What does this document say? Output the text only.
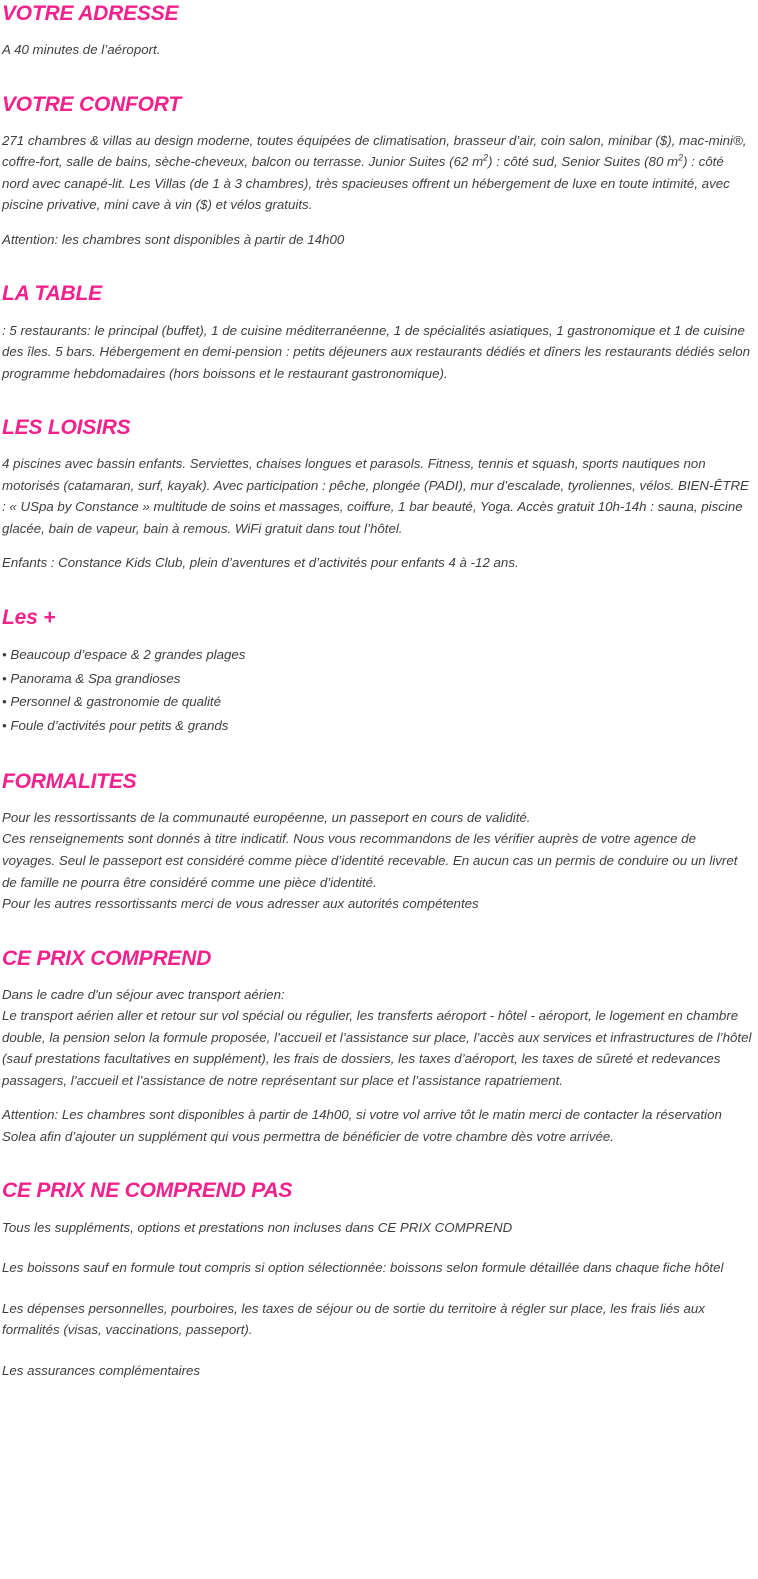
VOTRE ADRESSE

A 40 minutes de l’aéroport.

VOTRE CONFORT

271 chambres & villas au design moderne, toutes équipées de climatisation, brasseur d’air, coin salon, minibar ($), mac-mini®, coffre-fort, salle de bains, sèche-cheveux, balcon ou terrasse. Junior Suites (62 $m^2$) : côté sud, Senior Suites (80 $m^2$) : côté nord avec canapé-lit. Les Villas (de 1 à 3 chambres), très spacieuses offrent un hébergement de luxe en toute intimité, avec piscine privative, mini cave à vin ($) et vélos gratuits.

Attention: les chambres sont disponibles à partir de 14h00

LA TABLE

: 5 restaurants: le principal (buffet), 1 de cuisine méditerranéenne, 1 de spécialités asiatiques, 1 gastronomique et 1 de cuisine des îles. 5 bars. Hébergement en demi-pension : petits déjeuners aux restaurants dédiés et dîners les restaurants dédiés selon programme hebdomadaires (hors boissons et le restaurant gastronomique).

LES LOISIRS

4 piscines avec bassin enfants. Serviettes, chaises longues et parasols. Fitness, tennis et squash, sports nautiques non motorisés (catamaran, surf, kayak). Avec participation : pêche, plongée (PADI), mur d’escalade, tyroliennes, vélos. BIEN-ÊTRE : « USpa by Constance » multitude de soins et massages, coiffure, 1 bar beauté, Yoga. Accès gratuit 10h-14h : sauna, piscine glacée, bain de vapeur, bain à remous. WiFi gratuit dans tout l’hôtel.

Enfants : Constance Kids Club, plein d’aventures et d’activités pour enfants 4 à -12 ans.

Les +

• Beaucoup d’espace & 2 grandes plages

• Panorama & Spa grandioses

• Personnel & gastronomie de qualité

• Foule d’activités pour petits & grands

FORMALITES

Pour les ressortissants de la communauté européenne, un passeport en cours de validité.

Ces renseignements sont donnés à titre indicatif. Nous vous recommandons de les vérifier auprès de votre agence de voyages. Seul le passeport est considéré comme pièce d’identité recevable. En aucun cas un permis de conduire ou un livret de famille ne pourra être considéré comme une pièce d’identité.

Pour les autres ressortissants merci de vous adresser aux autorités compétentes

CE PRIX COMPREND

Dans le cadre d'un séjour avec transport aérien:

Le transport aérien aller et retour sur vol spécial ou régulier, les transferts aéroport - hôtel - aéroport, le logement en chambre double, la pension selon la formule proposée, l’accueil et l’assistance sur place, l’accès aux services et infrastructures de l’hôtel (sauf prestations facultatives en supplément), les frais de dossiers, les taxes d’aéroport, les taxes de sûreté et redevances passagers, l’accueil et l’assistance de notre représentant sur place et l’assistance rapatriement.

Attention: Les chambres sont disponibles à partir de 14h00, si votre vol arrive tôt le matin merci de contacter la réservation Solea afin d’ajouter un supplément qui vous permettra de bénéficier de votre chambre dès votre arrivée.

CE PRIX NE COMPREND PAS

Tous les suppléments, options et prestations non incluses dans CE PRIX COMPREND

Les boissons sauf en formule tout compris si option sélectionnée: boissons selon formule détaillée dans chaque fiche hôtel

Les dépenses personnelles, pourboires, les taxes de séjour ou de sortie du territoire à régler sur place, les frais liés aux formalités (visas, vaccinations, passeport).

Les assurances complémentaires
